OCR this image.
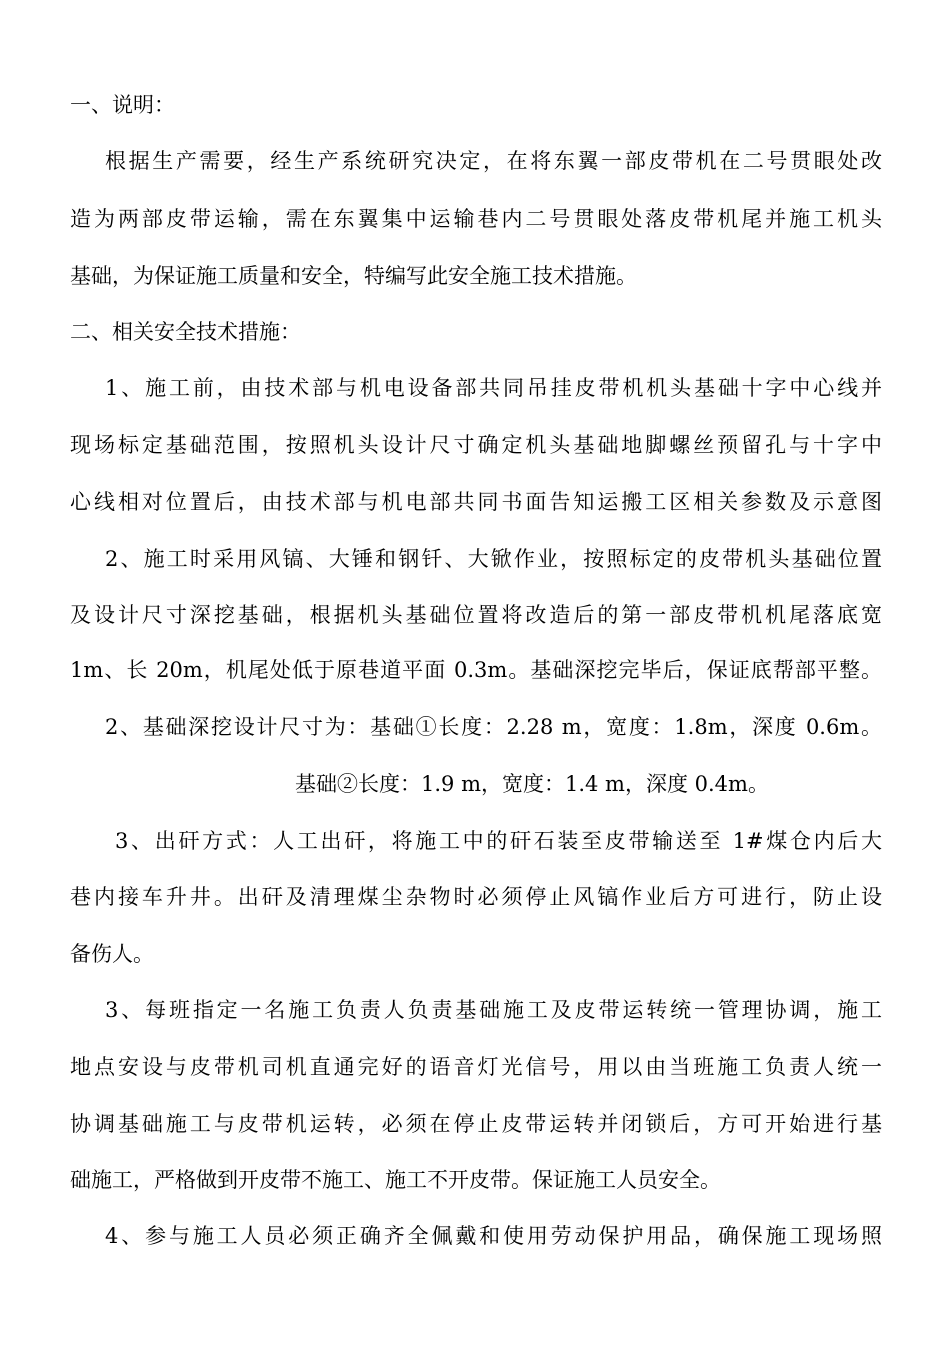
一、说明：
根据生产需要，经生产系统研究决定，在将东翼一部皮带机在二号贯眼处改
造为两部皮带运输，需在东翼集中运输巷内二号贯眼处落皮带机尾并施工机头
基础，为保证施工质量和安全，特编写此安全施工技术措施。
二、相关安全技术措施：
1、施工前，由技术部与机电设备部共同吊挂皮带机机头基础十字中心线并
现场标定基础范围，按照机头设计尺寸确定机头基础地脚螺丝预留孔与十字中
心线相对位置后，由技术部与机电部共同书面告知运搬工区相关参数及示意图
2、施工时采用风镐、大锤和钢钎、大锨作业，按照标定的皮带机头基础位置
及设计尺寸深挖基础，根据机头基础位置将改造后的第一部皮带机机尾落底宽
1m、长 20m，机尾处低于原巷道平面 0.3m。基础深挖完毕后，保证底帮部平整。
2、基础深挖设计尺寸为：基础①长度：2.28 m，宽度：1.8m，深度 0.6m。
基础②长度：1.9 m，宽度：1.4 m，深度 0.4m。
3、出矸方式：人工出矸，将施工中的矸石装至皮带输送至 1#煤仓内后大
巷内接车升井。出矸及清理煤尘杂物时必须停止风镐作业后方可进行，防止设
备伤人。
3、每班指定一名施工负责人负责基础施工及皮带运转统一管理协调，施工
地点安设与皮带机司机直通完好的语音灯光信号，用以由当班施工负责人统一
协调基础施工与皮带机运转，必须在停止皮带运转并闭锁后，方可开始进行基
础施工，严格做到开皮带不施工、施工不开皮带。保证施工人员安全。
4、参与施工人员必须正确齐全佩戴和使用劳动保护用品，确保施工现场照
